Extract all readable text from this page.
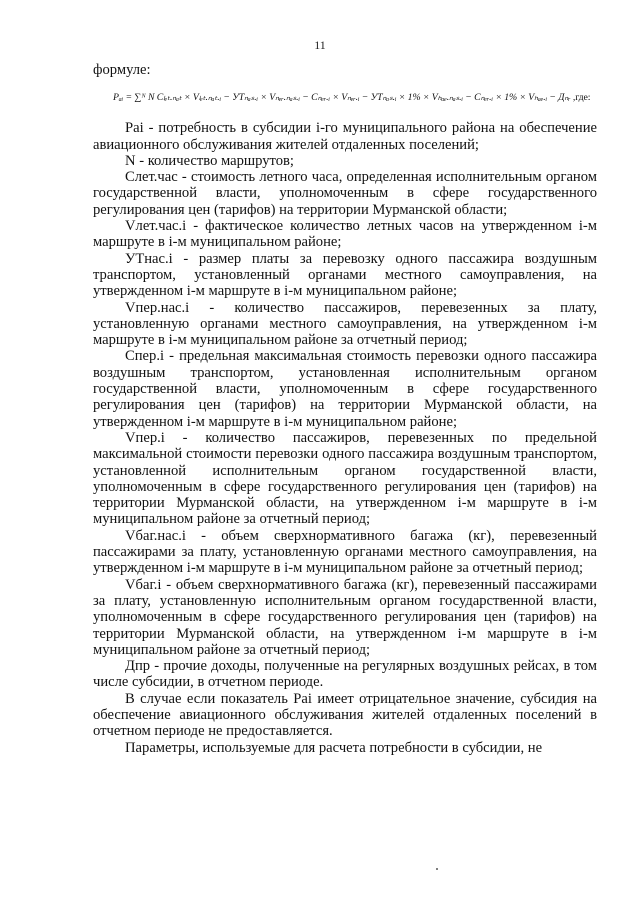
11

формуле:

Pₐᵢ = ∑ᴺ N Cₗₑₜ.ₙₐₜ × Vₗₑₜ.ₙₐₜ.ᵢ − УТₙₐₛ.ᵢ × Vₙₑᵣ.ₙₐₛ.ᵢ − Cₙₑᵣ.ᵢ × Vₙₑᵣ.ᵢ − УТₙₐₛ.ᵢ × 1% × Vₕₐₑ.ₙₐₛ.ᵢ − Cₙₑᵣ.ᵢ × 1% × Vₕₐₑ.ᵢ − Дₙᵣ ,где:

Pai - потребность в субсидии i-го муниципального района на обеспечение авиационного обслуживания жителей отдаленных поселений;

N - количество маршрутов;

Cлет.час - стоимость летного часа, определенная исполнительным органом государственной власти, уполномоченным в сфере государственного регулирования цен (тарифов) на территории Мурманской области;

Vлет.час.i - фактическое количество летных часов на утвержденном i-м маршруте в i-м муниципальном районе;

УТнас.i - размер платы за перевозку одного пассажира воздушным транспортом, установленный органами местного самоуправления, на утвержденном i-м маршруте в i-м муниципальном районе;

Vпер.нас.i - количество пассажиров, перевезенных за плату, установленную органами местного самоуправления, на утвержденном i-м маршруте в i-м муниципальном районе за отчетный период;

Cпер.i - предельная максимальная стоимость перевозки одного пассажира воздушным транспортом, установленная исполнительным органом государственной власти, уполномоченным в сфере государственного регулирования цен (тарифов) на территории Мурманской области, на утвержденном i-м маршруте в i-м муниципальном районе;

Vпер.i - количество пассажиров, перевезенных по предельной максимальной стоимости перевозки одного пассажира воздушным транспортом, установленной исполнительным органом государственной власти, уполномоченным в сфере государственного регулирования цен (тарифов) на территории Мурманской области, на утвержденном i-м маршруте в i-м муниципальном районе за отчетный период;

Vбаг.нас.i - объем сверхнормативного багажа (кг), перевезенный пассажирами за плату, установленную органами местного самоуправления, на утвержденном i-м маршруте в i-м муниципальном районе за отчетный период;

Vбаг.i - объем сверхнормативного багажа (кг), перевезенный пассажирами за плату, установленную исполнительным органом государственной власти, уполномоченным в сфере государственного регулирования цен (тарифов) на территории Мурманской области, на утвержденном i-м маршруте в i-м муниципальном районе за отчетный период;

Дпр - прочие доходы, полученные на регулярных воздушных рейсах, в том числе субсидии, в отчетном периоде.

В случае если показатель Pai имеет отрицательное значение, субсидия на обеспечение авиационного обслуживания жителей отдаленных поселений в отчетном периоде не предоставляется.

Параметры, используемые для расчета потребности в субсидии, не
